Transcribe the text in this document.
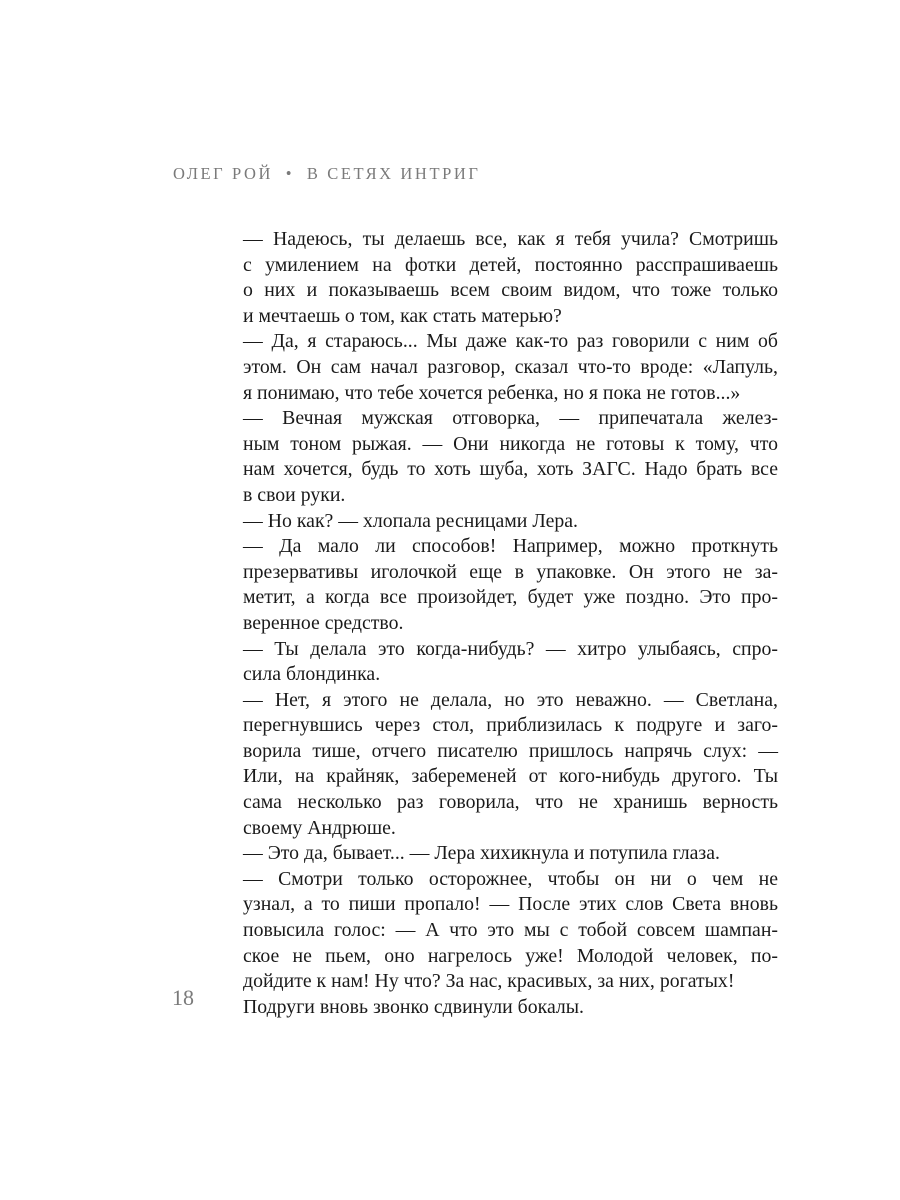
ОЛЕГ РОЙ • В СЕТЯХ ИНТРИГ
— Надеюсь, ты делаешь все, как я тебя учила? Смотришь
с умилением на фотки детей, постоянно расспрашиваешь
о них и показываешь всем своим видом, что тоже только
и мечтаешь о том, как стать матерью?
— Да, я стараюсь... Мы даже как-то раз говорили с ним об
этом. Он сам начал разговор, сказал что-то вроде: «Лапуль,
я понимаю, что тебе хочется ребенка, но я пока не готов...»
— Вечная мужская отговорка, — припечатала желез-
ным тоном рыжая. — Они никогда не готовы к тому, что
нам хочется, будь то хоть шуба, хоть ЗАГС. Надо брать все
в свои руки.
— Но как? — хлопала ресницами Лера.
— Да мало ли способов! Например, можно проткнуть
презервативы иголочкой еще в упаковке. Он этого не за-
метит, а когда все произойдет, будет уже поздно. Это про-
веренное средство.
— Ты делала это когда-нибудь? — хитро улыбаясь, спро-
сила блондинка.
— Нет, я этого не делала, но это неважно. — Светлана,
перегнувшись через стол, приблизилась к подруге и заго-
ворила тише, отчего писателю пришлось напрячь слух: —
Или, на крайняк, забеременей от кого-нибудь другого. Ты
сама несколько раз говорила, что не хранишь верность
своему Андрюше.
— Это да, бывает... — Лера хихикнула и потупила глаза.
— Смотри только осторожнее, чтобы он ни о чем не
узнал, а то пиши пропало! — После этих слов Света вновь
повысила голос: — А что это мы с тобой совсем шампан-
ское не пьем, оно нагрелось уже! Молодой человек, по-
дойдите к нам! Ну что? За нас, красивых, за них, рогатых!
Подруги вновь звонко сдвинули бокалы.
18
